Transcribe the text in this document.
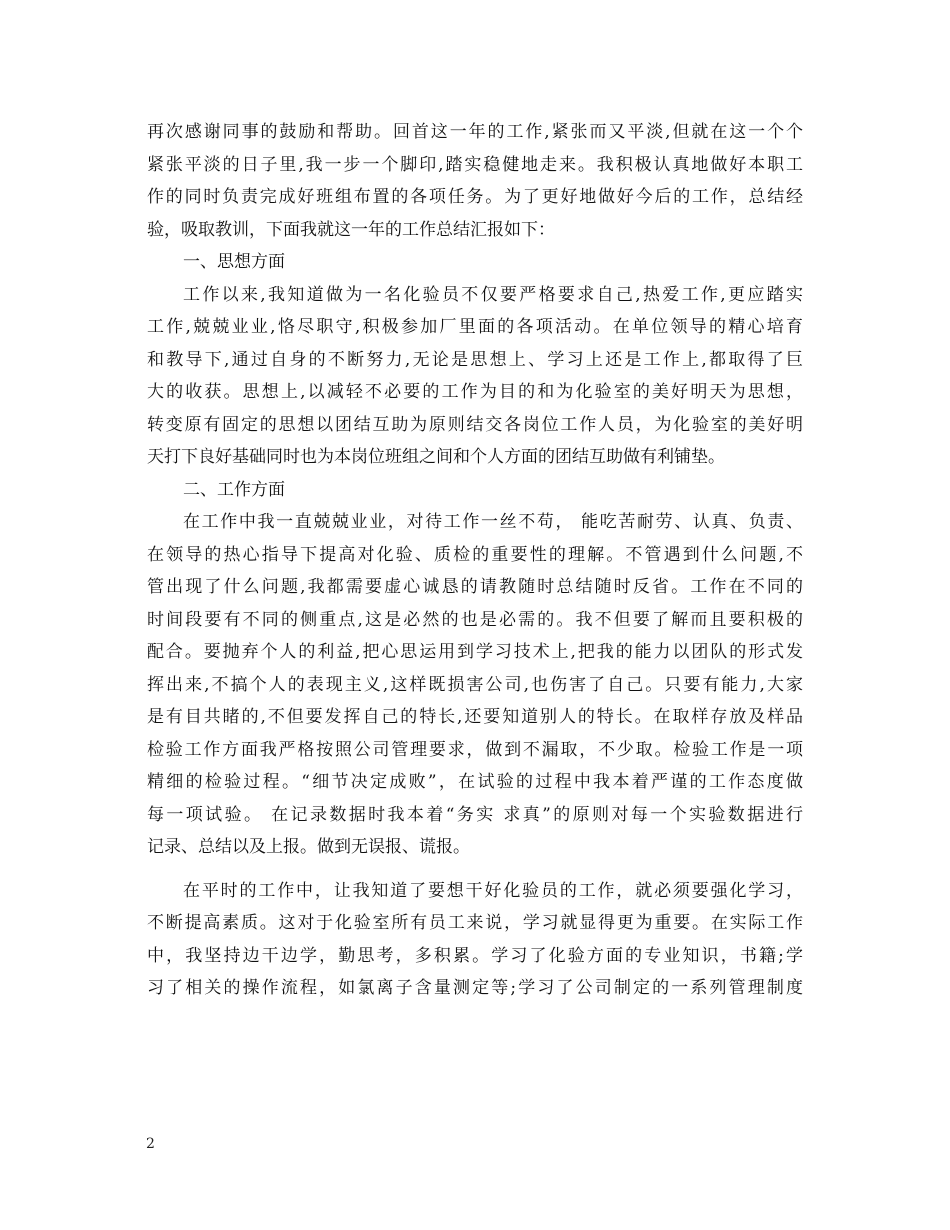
再次感谢同事的鼓励和帮助。回首这一年的工作,紧张而又平淡,但就在这一个个
紧张平淡的日子里,我一步一个脚印,踏实稳健地走来。我积极认真地做好本职工
作的同时负责完成好班组布置的各项任务。为了更好地做好今后的工作，总结经
验，吸取教训，下面我就这一年的工作总结汇报如下：
一、思想方面
工作以来,我知道做为一名化验员不仅要严格要求自己,热爱工作,更应踏实
工作,兢兢业业,恪尽职守,积极参加厂里面的各项活动。在单位领导的精心培育
和教导下,通过自身的不断努力,无论是思想上、学习上还是工作上,都取得了巨
大的收获。思想上,以减轻不必要的工作为目的和为化验室的美好明天为思想，
转变原有固定的思想以团结互助为原则结交各岗位工作人员，为化验室的美好明
天打下良好基础同时也为本岗位班组之间和个人方面的团结互助做有利铺垫。
二、工作方面
在工作中我一直兢兢业业，对待工作一丝不苟， 能吃苦耐劳、认真、负责、
在领导的热心指导下提高对化验、质检的重要性的理解。不管遇到什么问题,不
管出现了什么问题,我都需要虚心诚恳的请教随时总结随时反省。工作在不同的
时间段要有不同的侧重点,这是必然的也是必需的。我不但要了解而且要积极的
配合。要抛弃个人的利益,把心思运用到学习技术上,把我的能力以团队的形式发
挥出来,不搞个人的表现主义,这样既损害公司,也伤害了自己。只要有能力,大家
是有目共睹的,不但要发挥自己的特长,还要知道别人的特长。在取样存放及样品
检验工作方面我严格按照公司管理要求，做到不漏取，不少取。检验工作是一项
精细的检验过程。“细节决定成败”，在试验的过程中我本着严谨的工作态度做
每一项试验。 在记录数据时我本着“务实 求真”的原则对每一个实验数据进行
记录、总结以及上报。做到无误报、谎报。
在平时的工作中，让我知道了要想干好化验员的工作，就必须要强化学习，
不断提高素质。这对于化验室所有员工来说，学习就显得更为重要。在实际工作
中，我坚持边干边学，勤思考，多积累。学习了化验方面的专业知识，书籍;学
习了相关的操作流程，如氯离子含量测定等;学习了公司制定的一系列管理制度
2
